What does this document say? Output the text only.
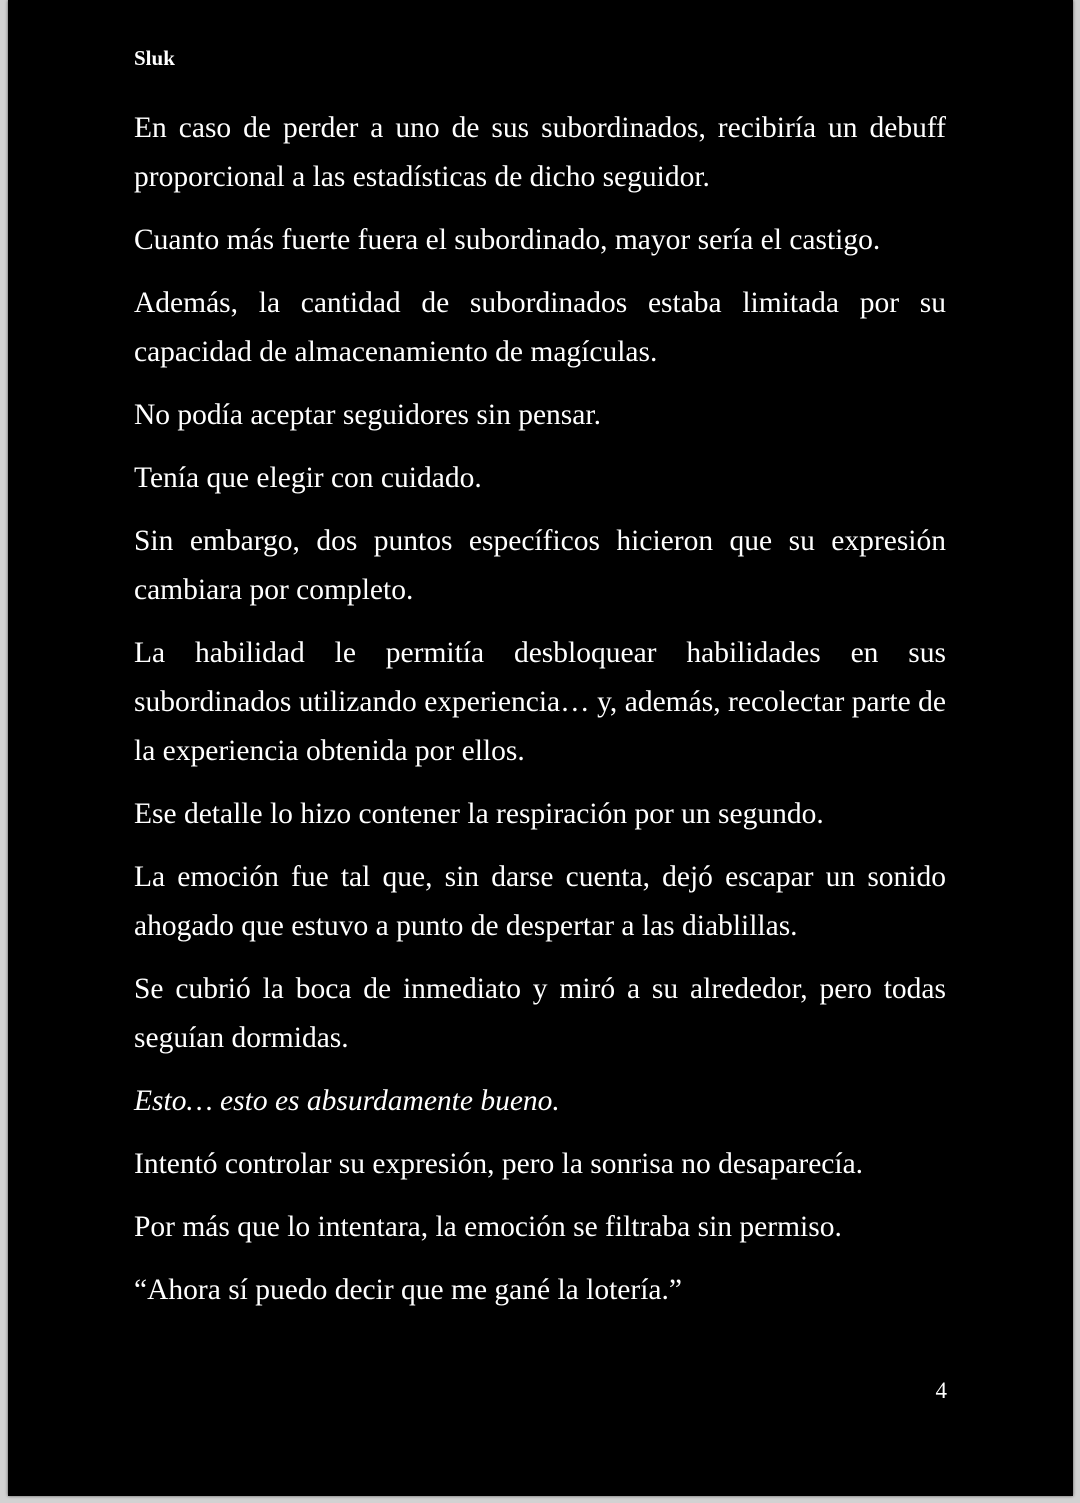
Sluk

En caso de perder a uno de sus subordinados, recibiría un debuff proporcional a las estadísticas de dicho seguidor.

Cuanto más fuerte fuera el subordinado, mayor sería el castigo.

Además, la cantidad de subordinados estaba limitada por su capacidad de almacenamiento de magículas.

No podía aceptar seguidores sin pensar.

Tenía que elegir con cuidado.

Sin embargo, dos puntos específicos hicieron que su expresión cambiara por completo.

La habilidad le permitía desbloquear habilidades en sus subordinados utilizando experiencia… y, además, recolectar parte de la experiencia obtenida por ellos.

Ese detalle lo hizo contener la respiración por un segundo.

La emoción fue tal que, sin darse cuenta, dejó escapar un sonido ahogado que estuvo a punto de despertar a las diablillas.

Se cubrió la boca de inmediato y miró a su alrededor, pero todas seguían dormidas.

Esto… esto es absurdamente bueno.

Intentó controlar su expresión, pero la sonrisa no desaparecía.

Por más que lo intentara, la emoción se filtraba sin permiso.

“Ahora sí puedo decir que me gané la lotería.”

4
